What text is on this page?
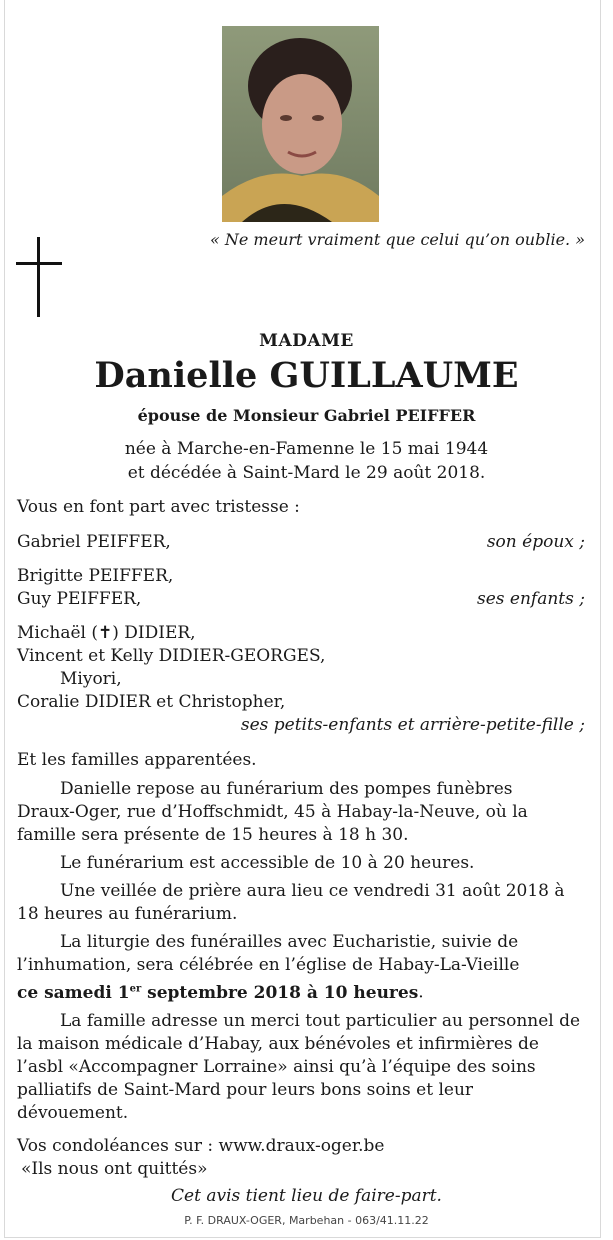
« Ne meurt vraiment que celui qu’on oublie. »
MADAME
Danielle GUILLAUME
épouse de Monsieur Gabriel PEIFFER
née à Marche-en-Famenne le 15 mai 1944
et décédée à Saint-Mard le 29 août 2018.
Vous en font part avec tristesse :
Gabriel PEIFFER,	son époux ;
Brigitte PEIFFER,
Guy PEIFFER,	ses enfants ;
Michaël (✝) DIDIER,
Vincent et Kelly DIDIER-GEORGES,
Miyori,
Coralie DIDIER et Christopher,
ses petits-enfants et arrière-petite-fille ;
Et les familles apparentées.
Danielle repose au funérarium des pompes funèbres Draux-Oger, rue d’Hoffschmidt, 45 à Habay-la-Neuve, où la famille sera présente de 15 heures à 18 h 30.
Le funérarium est accessible de 10 à 20 heures.
Une veillée de prière aura lieu ce vendredi 31 août 2018 à 18 heures au funérarium.
La liturgie des funérailles avec Eucharistie, suivie de l’inhumation, sera célébrée en l’église de Habay-La-Vieille
ce samedi 1er septembre 2018 à 10 heures.
La famille adresse un merci tout particulier au personnel de la maison médicale d’Habay, aux bénévoles et infirmières de l’asbl «Accompagner Lorraine» ainsi qu’à l’équipe des soins palliatifs de Saint-Mard pour leurs bons soins et leur dévouement.
Vos condoléances sur : www.draux-oger.be
«Ils nous ont quittés»
Cet avis tient lieu de faire-part.
P. F. DRAUX-OGER, Marbehan - 063/41.11.22
